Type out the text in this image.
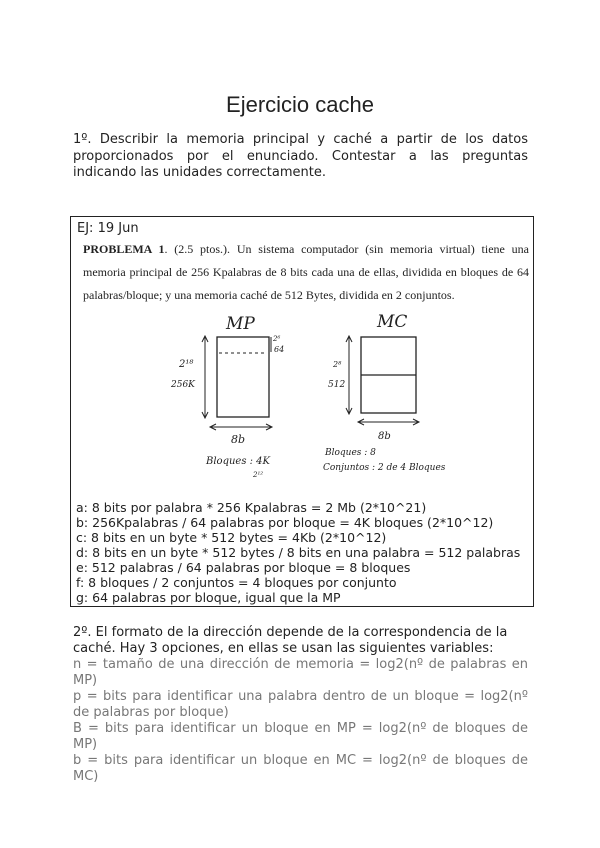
Ejercicio cache
1º. Describir la memoria principal y caché a partir de los datos proporcionados por el enunciado. Contestar a las preguntas indicando las unidades correctamente.
EJ: 19 Jun
PROBLEMA 1. (2.5 ptos.). Un sistema computador (sin memoria virtual) tiene una memoria principal de 256 Kpalabras de 8 bits cada una de ellas, dividida en bloques de 64 palabras/bloque; y una memoria caché de 512 Bytes, dividida en 2 conjuntos.
MP
2¹⁸
256K
2⁶
64
8b
Bloques : 4K
2¹²
MC
2⁸
512
8b
Bloques : 8
Conjuntos : 2 de 4 Bloques
a: 8 bits por palabra * 256 Kpalabras = 2 Mb (2*10^21)
b: 256Kpalabras / 64 palabras por bloque = 4K bloques (2*10^12)
c: 8 bits en un byte * 512 bytes = 4Kb (2*10^12)
d: 8 bits en un byte * 512 bytes / 8 bits en una palabra = 512 palabras
e: 512 palabras / 64 palabras por bloque = 8 bloques
f: 8 bloques / 2 conjuntos = 4 bloques por conjunto
g: 64 palabras por bloque, igual que la MP
2º. El formato de la dirección depende de la correspondencia de la caché. Hay 3 opciones, en ellas se usan las siguientes variables:
n = tamaño de una dirección de memoria = log2(nº de palabras en MP)
p = bits para identificar una palabra dentro de un bloque = log2(nº de palabras por bloque)
B = bits para identificar un bloque en MP = log2(nº de bloques de MP)
b = bits para identificar un bloque en MC = log2(nº de bloques de MC)
